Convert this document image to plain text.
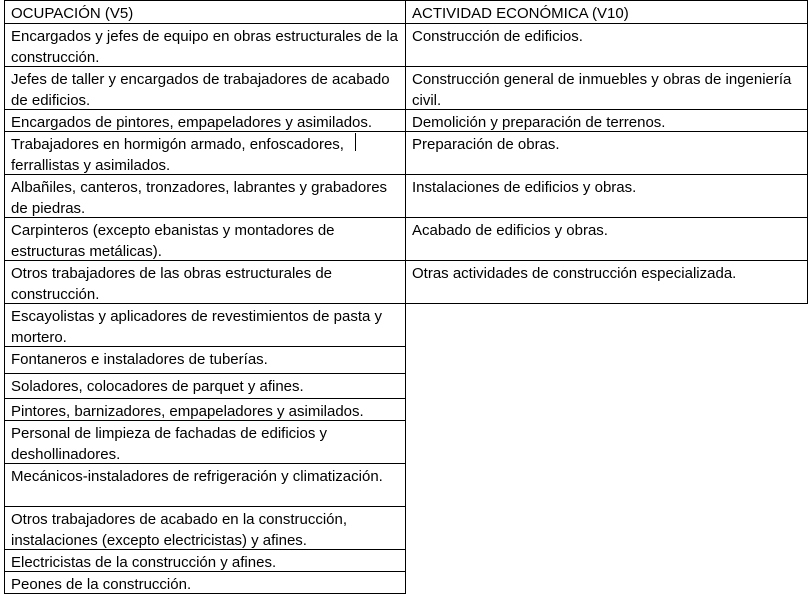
OCUPACIÓN (V5)
Encargados y jefes de equipo en obras estructurales de la construcción.
Jefes de taller y encargados de trabajadores de acabado de edificios.
Encargados de pintores, empapeladores y asimilados.
Trabajadores en hormigón armado, enfoscadores, ferrallistas y asimilados.
Albañiles, canteros, tronzadores, labrantes y grabadores de piedras.
Carpinteros (excepto ebanistas y montadores de estructuras metálicas).
Otros trabajadores de las obras estructurales de construcción.
Escayolistas y aplicadores de revestimientos de pasta y mortero.
Fontaneros e instaladores de tuberías.
Soladores, colocadores de parquet y afines.
Pintores, barnizadores, empapeladores y asimilados.
Personal de limpieza de fachadas de edificios y deshollinadores.
Mecánicos-instaladores de refrigeración y climatización.
Otros trabajadores de acabado en la construcción, instalaciones (excepto electricistas) y afines.
Electricistas de la construcción y afines.
Peones de la construcción.
ACTIVIDAD ECONÓMICA (V10)
Construcción de edificios.
Construcción general de inmuebles y obras de ingeniería civil.
Demolición y preparación de terrenos.
Preparación de obras.
Instalaciones de edificios y obras.
Acabado de edificios y obras.
Otras actividades de construcción especializada.
